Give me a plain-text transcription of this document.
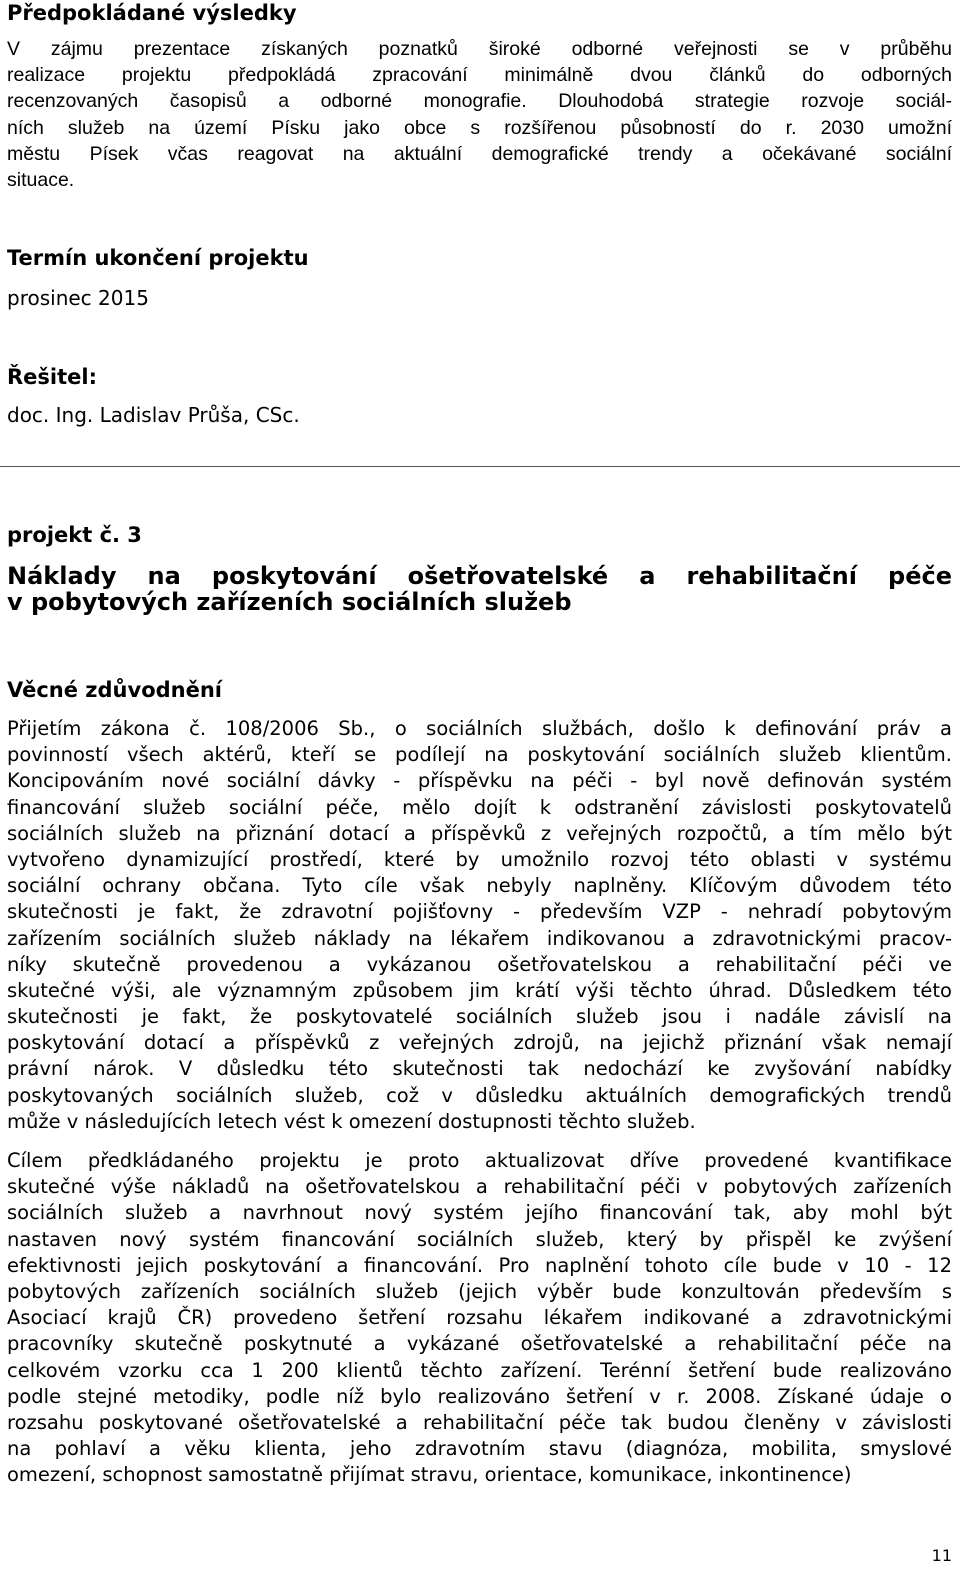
Předpokládané výsledky
V zájmu prezentace získaných poznatků široké odborné veřejnosti se v průběhu
realizace projektu předpokládá zpracování minimálně dvou článků do odborných
recenzovaných časopisů a odborné monografie. Dlouhodobá strategie rozvoje sociál-
ních služeb na území Písku jako obce s rozšířenou působností do r. 2030 umožní
městu Písek včas reagovat na aktuální demografické trendy a očekávané sociální
situace.
Termín ukončení projektu

prosinec 2015

Řešitel:

doc. Ing. Ladislav Průša, CSc.

projekt č. 3
Náklady na poskytování ošetřovatelské a rehabilitační péče
v pobytových zařízeních sociálních služeb
Věcné zdůvodnění
Přijetím zákona č. 108/2006 Sb., o sociálních službách, došlo k definování práv a
povinností všech aktérů, kteří se podílejí na poskytování sociálních služeb klientům.
Koncipováním nové sociální dávky - příspěvku na péči - byl nově definován systém
financování služeb sociální péče, mělo dojít k odstranění závislosti poskytovatelů
sociálních služeb na přiznání dotací a příspěvků z veřejných rozpočtů, a tím mělo být
vytvořeno dynamizující prostředí, které by umožnilo rozvoj této oblasti v systému
sociální ochrany občana. Tyto cíle však nebyly naplněny. Klíčovým důvodem této
skutečnosti je fakt, že zdravotní pojišťovny - především VZP - nehradí pobytovým
zařízením sociálních služeb náklady na lékařem indikovanou a zdravotnickými pracov-
níky skutečně provedenou a vykázanou ošetřovatelskou a rehabilitační péči ve
skutečné výši, ale významným způsobem jim krátí výši těchto úhrad. Důsledkem této
skutečnosti je fakt, že poskytovatelé sociálních služeb jsou i nadále závislí na
poskytování dotací a příspěvků z veřejných zdrojů, na jejichž přiznání však nemají
právní nárok. V důsledku této skutečnosti tak nedochází ke zvyšování nabídky
poskytovaných sociálních služeb, což v důsledku aktuálních demografických trendů
může v následujících letech vést k omezení dostupnosti těchto služeb.
Cílem předkládaného projektu je proto aktualizovat dříve provedené kvantifikace
skutečné výše nákladů na ošetřovatelskou a rehabilitační péči v pobytových zařízeních
sociálních služeb a navrhnout nový systém jejího financování tak, aby mohl být
nastaven nový systém financování sociálních služeb, který by přispěl ke zvýšení
efektivnosti jejich poskytování a financování. Pro naplnění tohoto cíle bude v 10 - 12
pobytových zařízeních sociálních služeb (jejich výběr bude konzultován především s
Asociací krajů ČR) provedeno šetření rozsahu lékařem indikované a zdravotnickými
pracovníky skutečně poskytnuté a vykázané ošetřovatelské a rehabilitační péče na
celkovém vzorku cca 1 200 klientů těchto zařízení. Terénní šetření bude realizováno
podle stejné metodiky, podle níž bylo realizováno šetření v r. 2008. Získané údaje o
rozsahu poskytované ošetřovatelské a rehabilitační péče tak budou členěny v závislosti
na pohlaví a věku klienta, jeho zdravotním stavu (diagnóza, mobilita, smyslové
omezení, schopnost samostatně přijímat stravu, orientace, komunikace, inkontinence)
11
